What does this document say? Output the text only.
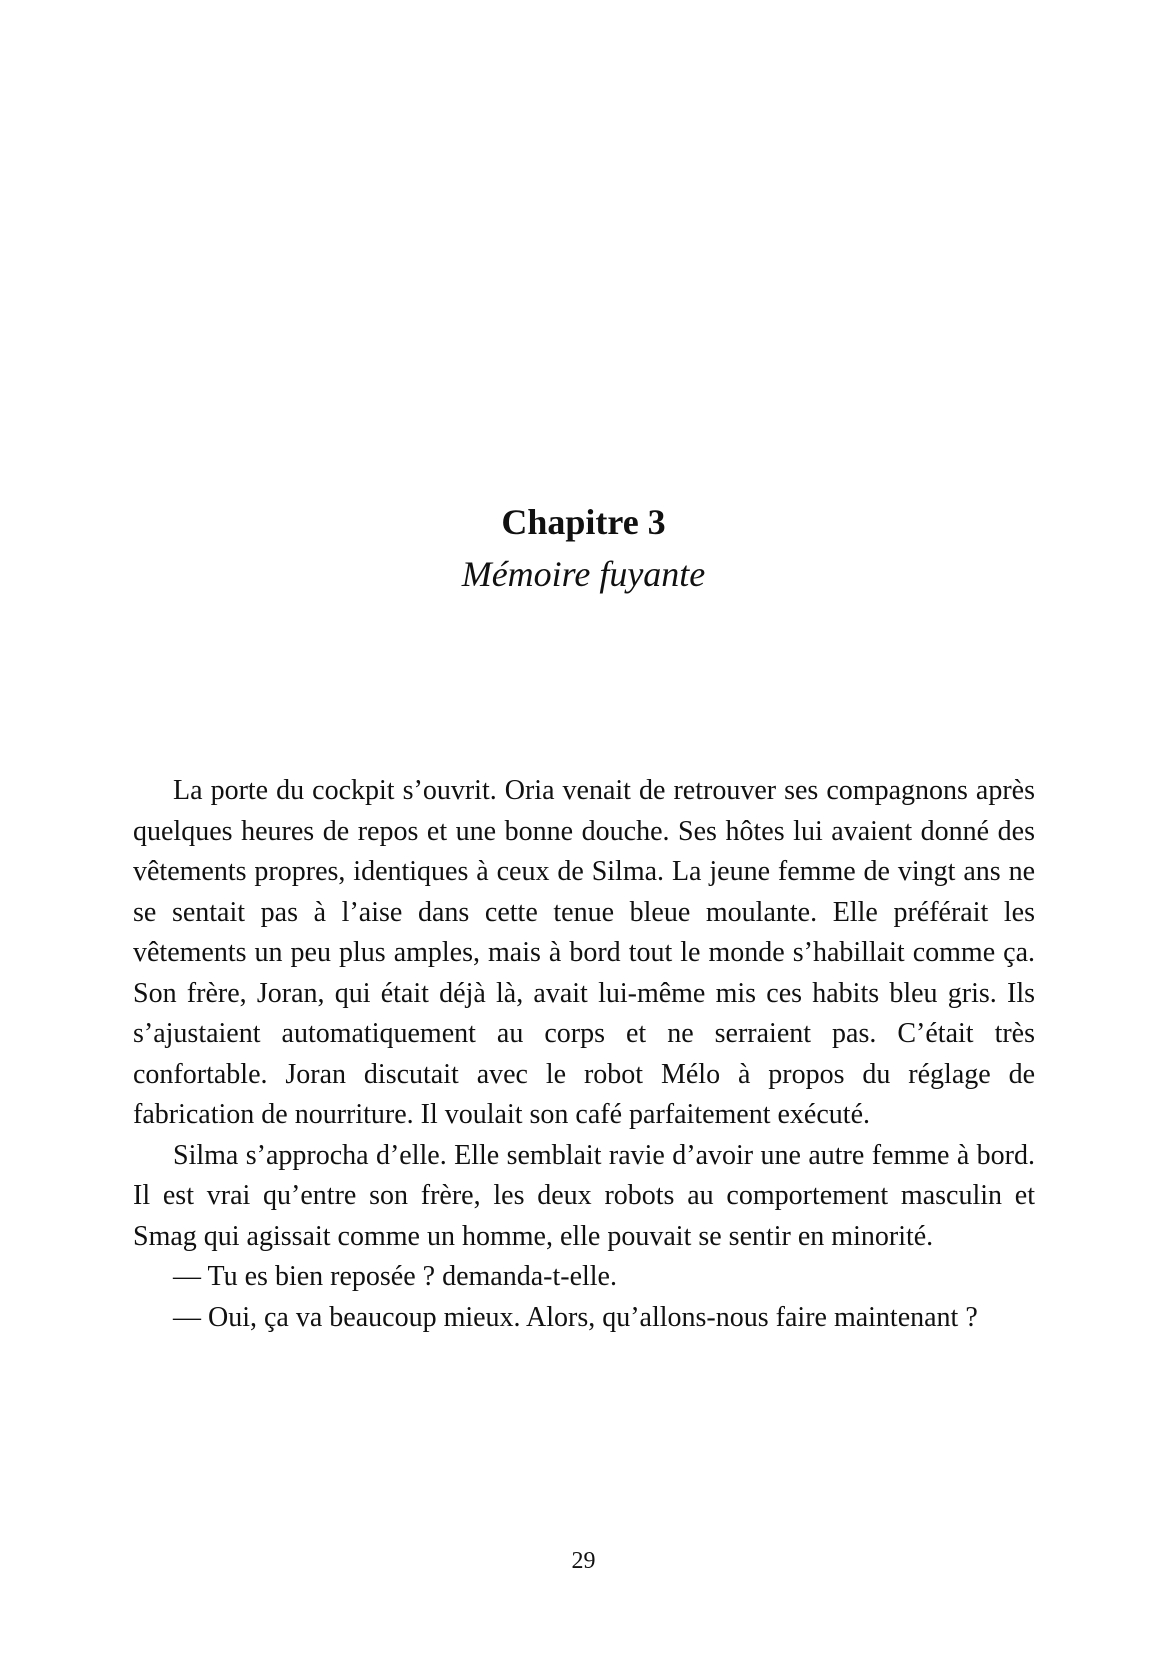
Chapitre 3
Mémoire fuyante

La porte du cockpit s’ouvrit. Oria venait de retrouver ses compagnons après quelques heures de repos et une bonne douche. Ses hôtes lui avaient donné des vêtements propres, identiques à ceux de Silma. La jeune femme de vingt ans ne se sentait pas à l’aise dans cette tenue bleue moulante. Elle préférait les vêtements un peu plus amples, mais à bord tout le monde s’habillait comme ça. Son frère, Joran, qui était déjà là, avait lui-même mis ces habits bleu gris. Ils s’ajustaient automatiquement au corps et ne serraient pas. C’était très confortable. Joran discutait avec le robot Mélo à propos du réglage de fabrication de nourriture. Il voulait son café parfaitement exécuté.

Silma s’approcha d’elle. Elle semblait ravie d’avoir une autre femme à bord. Il est vrai qu’entre son frère, les deux robots au comportement masculin et Smag qui agissait comme un homme, elle pouvait se sentir en minorité.

— Tu es bien reposée ? demanda-t-elle.

— Oui, ça va beaucoup mieux. Alors, qu’allons-nous faire maintenant ?

29
